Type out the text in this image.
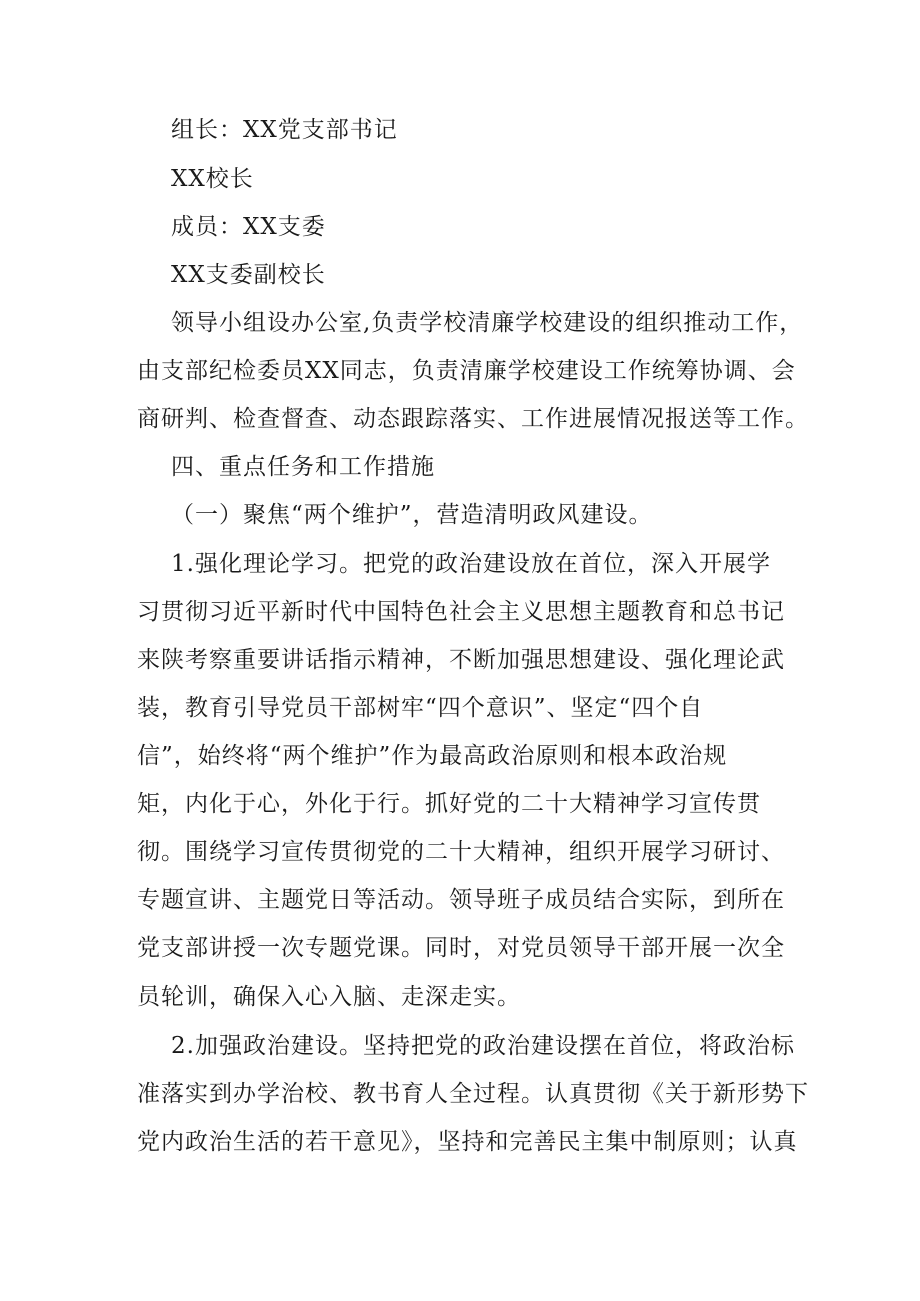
组长：XX党支部书记
XX校长
成员：XX支委
XX支委副校长
领导小组设办公室,负责学校清廉学校建设的组织推动工作，
由支部纪检委员XX同志，负责清廉学校建设工作统筹协调、会
商研判、检查督查、动态跟踪落实、工作进展情况报送等工作。
四、重点任务和工作措施
（一）聚焦“两个维护”，营造清明政风建设。
1.强化理论学习。把党的政治建设放在首位，深入开展学
习贯彻习近平新时代中国特色社会主义思想主题教育和总书记
来陕考察重要讲话指示精神，不断加强思想建设、强化理论武
装，教育引导党员干部树牢“四个意识”、坚定“四个自
信”，始终将“两个维护”作为最高政治原则和根本政治规
矩，内化于心，外化于行。抓好党的二十大精神学习宣传贯
彻。围绕学习宣传贯彻党的二十大精神，组织开展学习研讨、
专题宣讲、主题党日等活动。领导班子成员结合实际，到所在
党支部讲授一次专题党课。同时，对党员领导干部开展一次全
员轮训，确保入心入脑、走深走实。
2.加强政治建设。坚持把党的政治建设摆在首位，将政治标
准落实到办学治校、教书育人全过程。认真贯彻《关于新形势下
党内政治生活的若干意见》，坚持和完善民主集中制原则；认真
